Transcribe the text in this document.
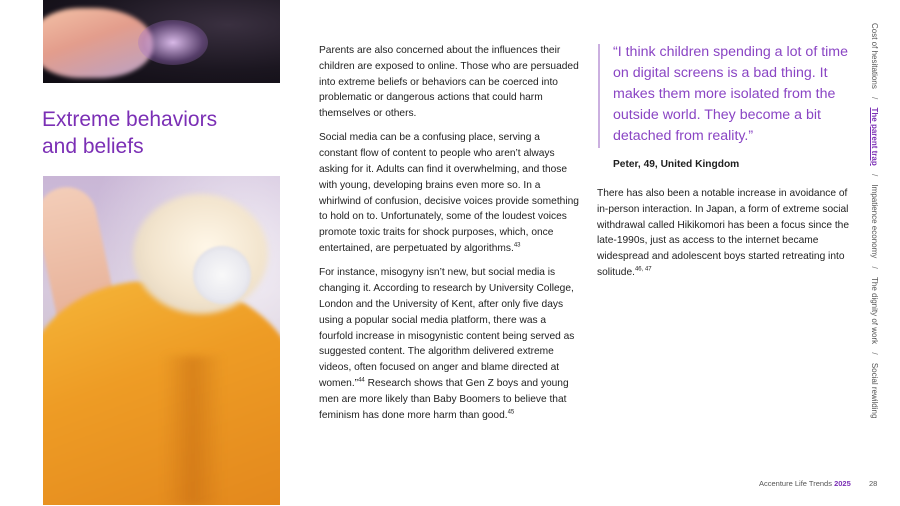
Extreme behaviors
and beliefs

Parents are also concerned about the influences their children are exposed to online. Those who are persuaded into extreme beliefs or behaviors can be coerced into problematic or dangerous actions that could harm themselves or others.

Social media can be a confusing place, serving a constant flow of content to people who aren’t always asking for it. Adults can find it overwhelming, and those with young, developing brains even more so. In a whirlwind of confusion, decisive voices provide something to hold on to. Unfortunately, some of the loudest voices promote toxic traits for shock purposes, which, once entertained, are perpetuated by algorithms.$^{43}$

For instance, misogyny isn’t new, but social media is changing it. According to research by University College, London and the University of Kent, after only five days using a popular social media platform, there was a fourfold increase in misogynistic content being served as suggested content. The algorithm delivered extreme videos, often focused on anger and blame directed at women.”$^{44}$ Research shows that Gen Z boys and young men are more likely than Baby Boomers to believe that feminism has done more harm than good.$^{45}$

“I think children spending a lot of time on digital screens is a bad thing. It makes them more isolated from the outside world. They become a bit detached from reality.”
Peter, 49, United Kingdom

There has also been a notable increase in avoidance of in-person interaction. In Japan, a form of extreme social withdrawal called Hikikomori has been a focus since the late-1990s, just as access to the internet became widespread and adolescent boys started retreating into solitude.$^{46, 47}$

Cost of hesitations / The parent trap / Impatience economy / The dignity of work / Social rewilding
Accenture Life Trends 2025 28
